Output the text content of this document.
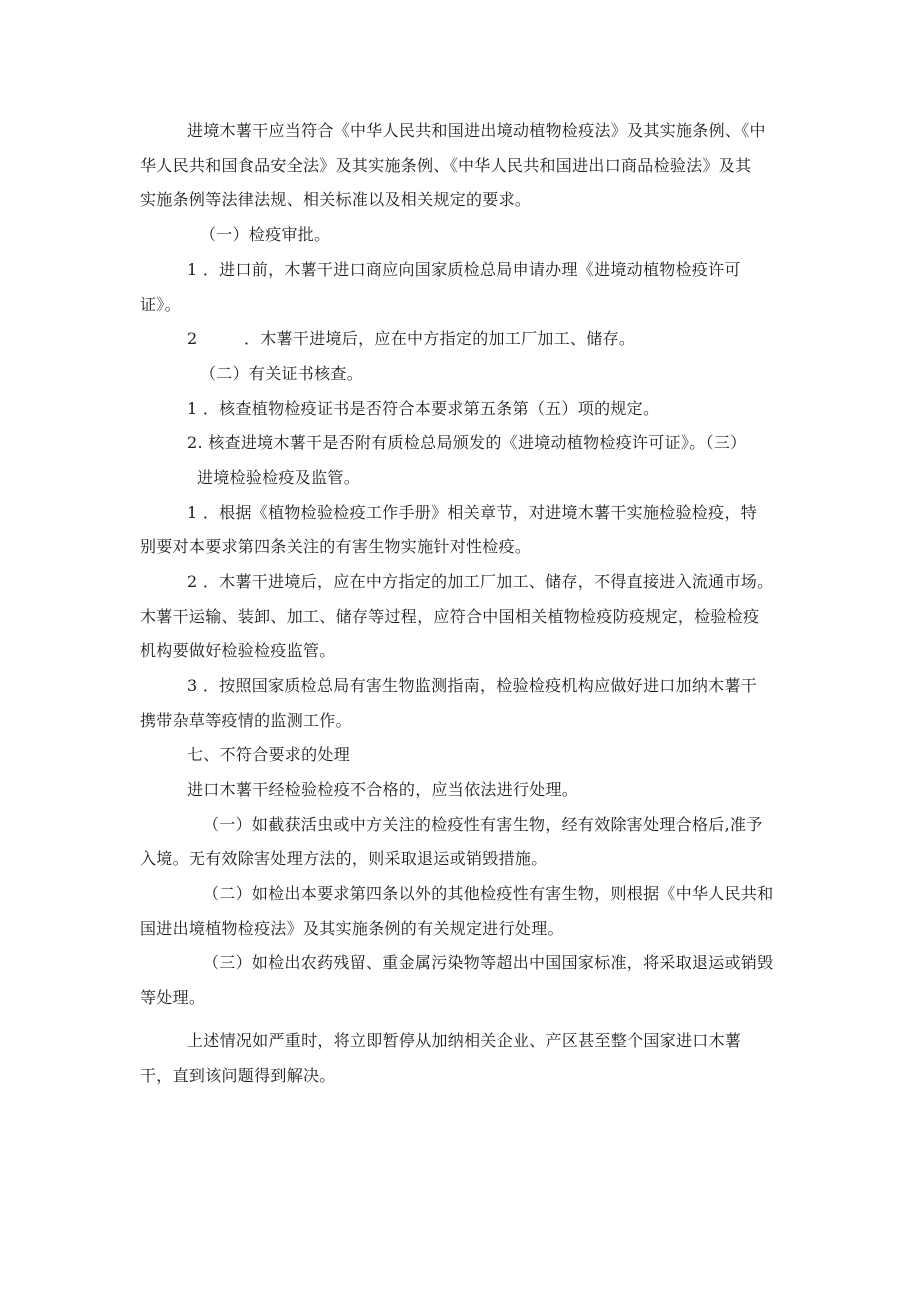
进境木薯干应当符合《中华人民共和国进出境动植物检疫法》及其实施条例、《中
华人民共和国食品安全法》及其实施条例、《中华人民共和国进出口商品检验法》及其
实施条例等法律法规、相关标准以及相关规定的要求。
（一）检疫审批。
1 ．进口前，木薯干进口商应向国家质检总局申请办理《进境动植物检疫许可
证》。
2	．木薯干进境后，应在中方指定的加工厂加工、储存。
（二）有关证书核查。
1 ．核查植物检疫证书是否符合本要求第五条第（五）项的规定。
2. 核查进境木薯干是否附有质检总局颁发的《进境动植物检疫许可证》。（三）
进境检验检疫及监管。
1 ．根据《植物检验检疫工作手册》相关章节，对进境木薯干实施检验检疫，特
别要对本要求第四条关注的有害生物实施针对性检疫。
2 ．木薯干进境后，应在中方指定的加工厂加工、储存，不得直接进入流通市场。
木薯干运输、装卸、加工、储存等过程，应符合中国相关植物检疫防疫规定，检验检疫
机构要做好检验检疫监管。
3 ．按照国家质检总局有害生物监测指南，检验检疫机构应做好进口加纳木薯干
携带杂草等疫情的监测工作。
七、不符合要求的处理
进口木薯干经检验检疫不合格的，应当依法进行处理。
（一）如截获活虫或中方关注的检疫性有害生物，经有效除害处理合格后,准予
入境。无有效除害处理方法的，则采取退运或销毁措施。
（二）如检出本要求第四条以外的其他检疫性有害生物，则根据《中华人民共和
国进出境植物检疫法》及其实施条例的有关规定进行处理。
（三）如检出农药残留、重金属污染物等超出中国国家标准，将采取退运或销毁
等处理。
上述情况如严重时，将立即暂停从加纳相关企业、产区甚至整个国家进口木薯
干，直到该问题得到解决。
